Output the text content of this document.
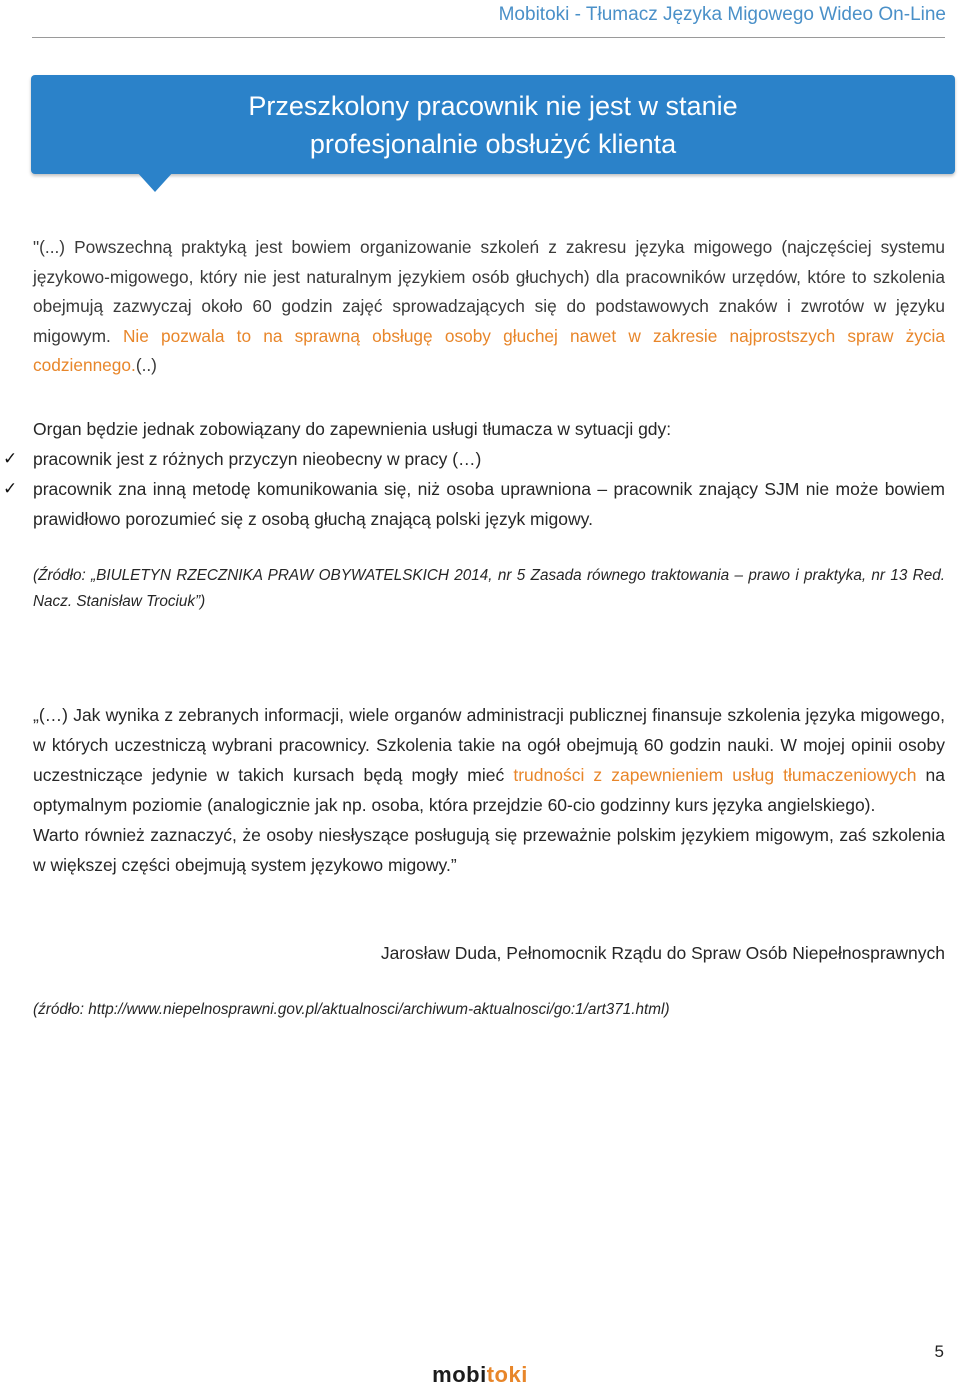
Mobitoki - Tłumacz Języka Migowego Wideo On-Line
Przeszkolony pracownik nie jest w stanie
profesjonalnie obsłużyć klienta
"(...) Powszechną praktyką jest bowiem organizowanie szkoleń z zakresu języka migowego (najczęściej systemu językowo-migowego, który nie jest naturalnym językiem osób głuchych) dla pracowników urzędów, które to szkolenia obejmują zazwyczaj około 60 godzin zajęć sprowadzających się do podstawowych znaków i zwrotów w języku migowym. Nie pozwala to na sprawną obsługę osoby głuchej nawet w zakresie najprostszych spraw życia codziennego.(..)
Organ będzie jednak zobowiązany do zapewnienia usługi tłumacza w sytuacji gdy:
✓ pracownik jest z różnych przyczyn nieobecny w pracy (…)
✓ pracownik zna inną metodę komunikowania się, niż osoba uprawniona – pracownik znający SJM nie może bowiem prawidłowo porozumieć się z osobą głuchą znającą polski język migowy.
(Źródło: „BIULETYN RZECZNIKA PRAW OBYWATELSKICH 2014, nr 5 Zasada równego traktowania – prawo i praktyka, nr 13 Red. Nacz. Stanisław Trociuk”)
„(…) Jak wynika z zebranych informacji, wiele organów administracji publicznej finansuje szkolenia języka migowego, w których uczestniczą wybrani pracownicy. Szkolenia takie na ogół obejmują 60 godzin nauki. W mojej opinii osoby uczestniczące jedynie w takich kursach będą mogły mieć trudności z zapewnieniem usług tłumaczeniowych na optymalnym poziomie (analogicznie jak np. osoba, która przejdzie 60-cio godzinny kurs języka angielskiego).
Warto również zaznaczyć, że osoby niesłyszące posługują się przeważnie polskim językiem migowym, zaś szkolenia w większej części obejmują system językowo migowy.”
Jarosław Duda, Pełnomocnik Rządu do Spraw Osób Niepełnosprawnych
(źródło: http://www.niepelnosprawni.gov.pl/aktualnosci/archiwum-aktualnosci/go:1/art371.html)
5
mobitoki
